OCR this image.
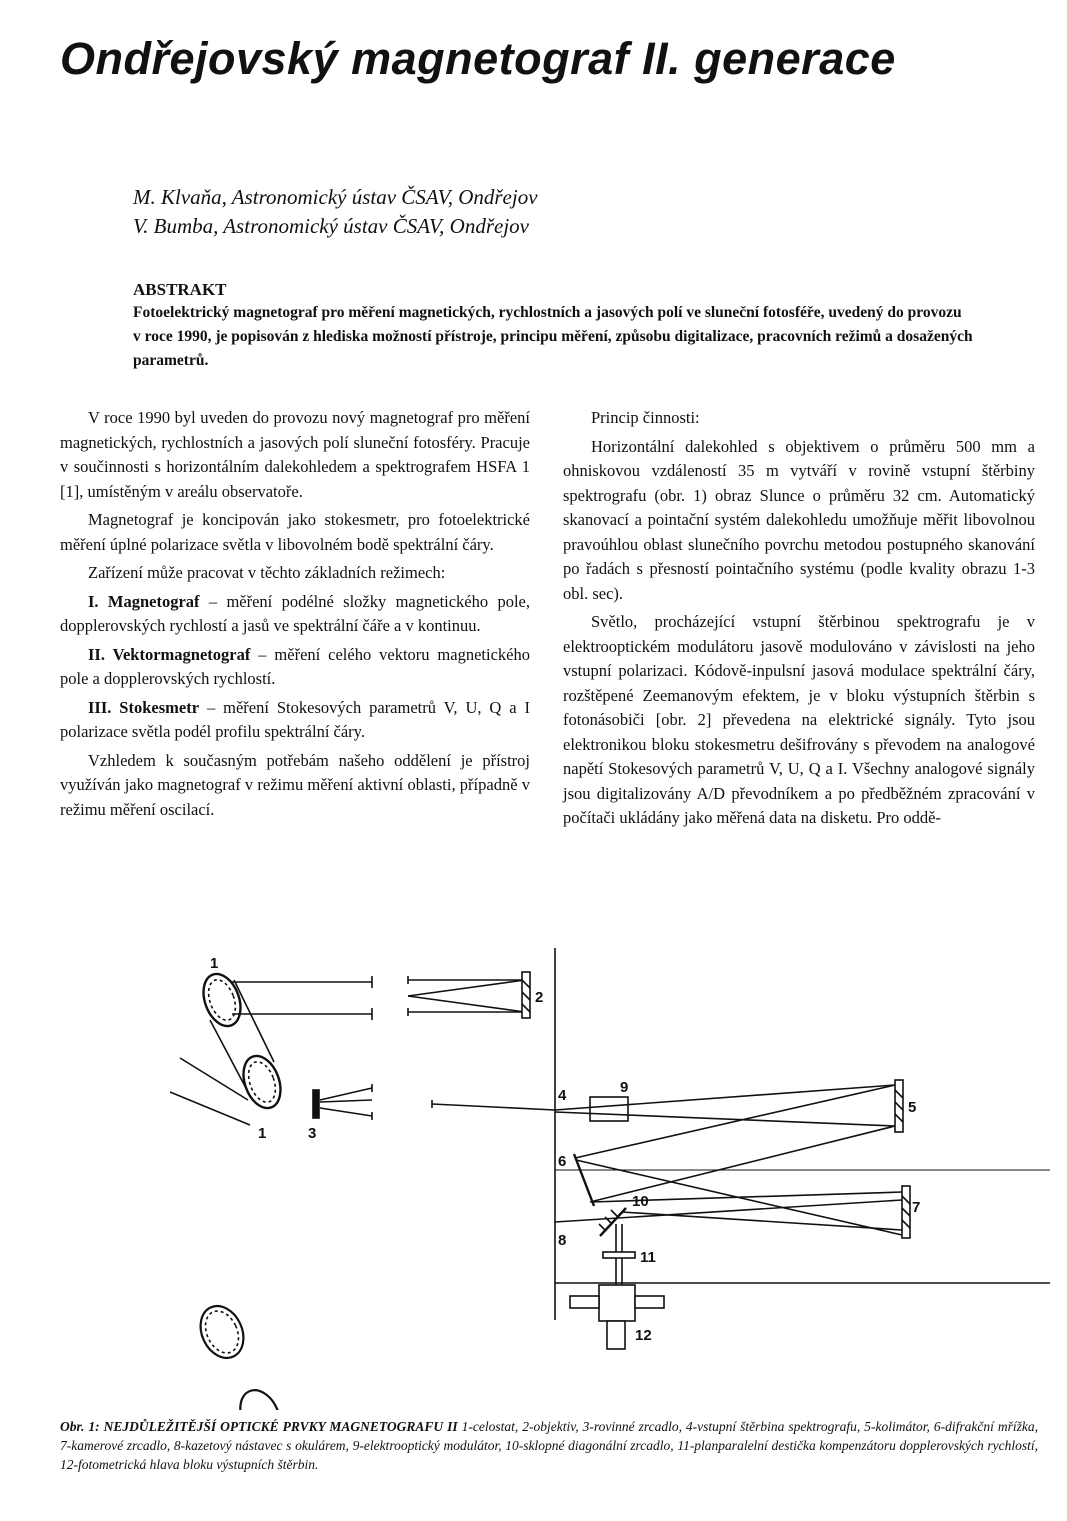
Ondřejovský magnetograf II. generace
M. Klvaňa, Astronomický ústav ČSAV, Ondřejov
V. Bumba, Astronomický ústav ČSAV, Ondřejov
ABSTRAKT

Fotoelektrický magnetograf pro měření magnetických, rychlostních a jasových polí ve sluneční fotosféře, uvedený do provozu v roce 1990, je popisován z hlediska možností přístroje, principu měření, způsobu digitalizace, pracovních režimů a dosažených parametrů.

V roce 1990 byl uveden do provozu nový magnetograf pro měření magnetických, rychlostních a jasových polí sluneční fotosféry. Pracuje v součinnosti s horizontálním dalekohledem a spektrografem HSFA 1 [1], umístěným v areálu observatoře.

Magnetograf je koncipován jako stokesmetr, pro fotoelektrické měření úplné polarizace světla v libovolném bodě spektrální čáry.

Zařízení může pracovat v těchto základních režimech:

I. Magnetograf – měření podélné složky magnetického pole, dopplerovských rychlostí a jasů ve spektrální čáře a v kontinuu.

II. Vektormagnetograf – měření celého vektoru magnetického pole a dopplerovských rychlostí.

III. Stokesmetr – měření Stokesových parametrů V, U, Q a I polarizace světla podél profilu spektrální čáry.

Vzhledem k současným potřebám našeho oddělení je přístroj využíván jako magnetograf v režimu měření aktivní oblasti, případně v režimu měření oscilací.

Princip činnosti:

Horizontální dalekohled s objektivem o průměru 500 mm a ohniskovou vzdáleností 35 m vytváří v rovině vstupní štěrbiny spektrografu (obr. 1) obraz Slunce o průměru 32 cm. Automatický skanovací a pointační systém dalekohledu umožňuje měřit libovolnou pravoúhlou oblast slunečního povrchu metodou postupného skanování po řadách s přesností pointačního systému (podle kvality obrazu 1-3 obl. sec).

Světlo, procházející vstupní štěrbinou spektrografu je v elektrooptickém modulátoru jasově modulováno v závislosti na jeho vstupní polarizaci. Kódově-inpulsní jasová modulace spektrální čáry, rozštěpené Zeemanovým efektem, je v bloku výstupních štěrbin s fotonásobiči [obr. 2] převedena na elektrické signály. Tyto jsou elektronikou bloku stokesmetru dešifrovány s převodem na analogové napětí Stokesových parametrů V, U, Q a I. Všechny analogové signály jsou digitalizovány A/D převodníkem a po předběžném zpracování v počítači ukládány jako měřená data na disketu. Pro oddě-

1
1
2
3
4
5
6
7
8
9
10
11
12
Obr. 1: NEJDŮLEŽITĚJŠÍ OPTICKÉ PRVKY MAGNETOGRAFU II 1-celostat, 2-objektiv, 3-rovinné zrcadlo, 4-vstupní štěrbina spektrografu, 5-kolimátor, 6-difrakční mřížka, 7-kamerové zrcadlo, 8-kazetový nástavec s okulárem, 9-elektrooptický modulátor, 10-sklopné diagonální zrcadlo, 11-planparalelní destička kompenzátoru dopplerovských rychlostí, 12-fotometrická hlava bloku výstupních štěrbin.
